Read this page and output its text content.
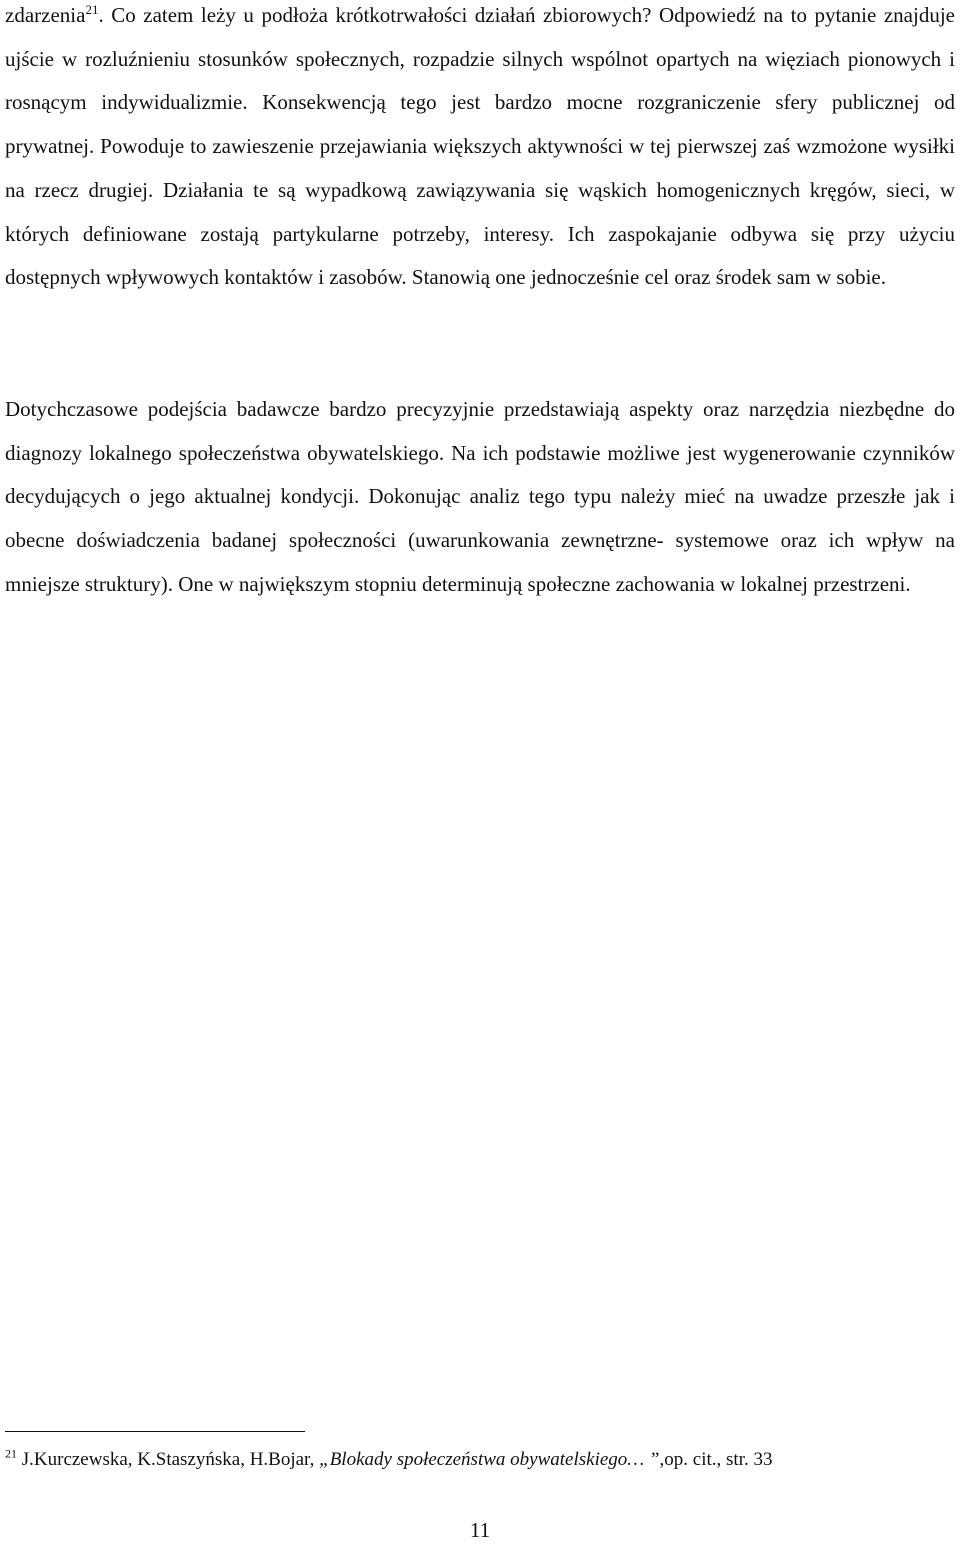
zdarzenia$^{21}$. Co zatem leży u podłoża krótkotrwałości działań zbiorowych? Odpowiedź na to pytanie znajduje ujście w rozluźnieniu stosunków społecznych, rozpadzie silnych wspólnot opartych na więziach pionowych i rosnącym indywidualizmie. Konsekwencją tego jest bardzo mocne rozgraniczenie sfery publicznej od prywatnej. Powoduje to zawieszenie przejawiania większych aktywności w tej pierwszej zaś wzmożone wysiłki na rzecz drugiej. Działania te są wypadkową zawiązywania się wąskich homogenicznych kręgów, sieci, w których definiowane zostają partykularne potrzeby, interesy. Ich zaspokajanie odbywa się przy użyciu dostępnych wpływowych kontaktów i zasobów. Stanowią one jednocześnie cel oraz środek sam w sobie.

Dotychczasowe podejścia badawcze bardzo precyzyjnie przedstawiają aspekty oraz narzędzia niezbędne do diagnozy lokalnego społeczeństwa obywatelskiego. Na ich podstawie możliwe jest wygenerowanie czynników decydujących o jego aktualnej kondycji. Dokonując analiz tego typu należy mieć na uwadze przeszłe jak i obecne doświadczenia badanej społeczności (uwarunkowania zewnętrzne- systemowe oraz ich wpływ na mniejsze struktury). One w największym stopniu determinują społeczne zachowania w lokalnej przestrzeni.

$^{21}$ J.Kurczewska, K.Staszyńska, H.Bojar, „Blokady społeczeństwa obywatelskiego… ”,op. cit., str. 33

11
